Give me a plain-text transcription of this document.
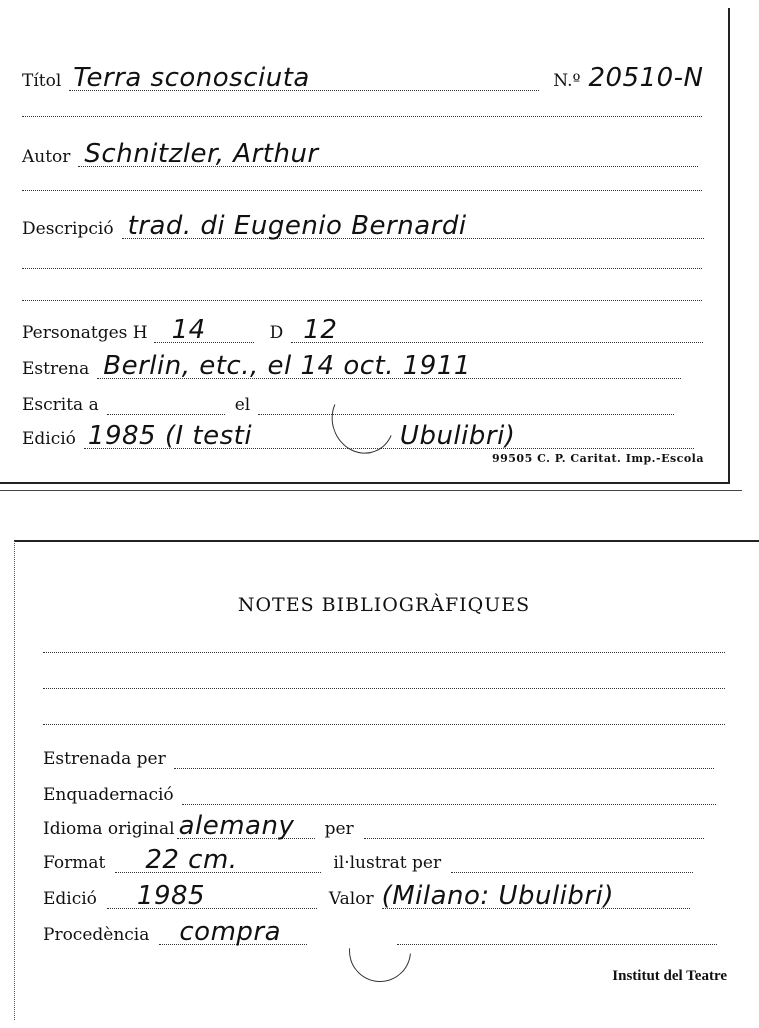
Títol Terra sconosciuta	N.º 20510-N
Autor Schnitzler, Arthur
Descripció trad. di Eugenio Bernardi
Personatges H 14	D 12
Estrena Berlin, etc., el 14 oct. 1911
Escrita a	el
Edició 1985 (I testi	Ubulibri)
99505 C. P. Caritat. Imp.-Escola
NOTES BIBLIOGRÀFIQUES
Estrenada per
Enquadernació
Idioma original alemany per
Format 22 cm.	il·lustrat per
Edició 1985	Valor (Milano: Ubulibri)
Procedència compra
Institut del Teatre
